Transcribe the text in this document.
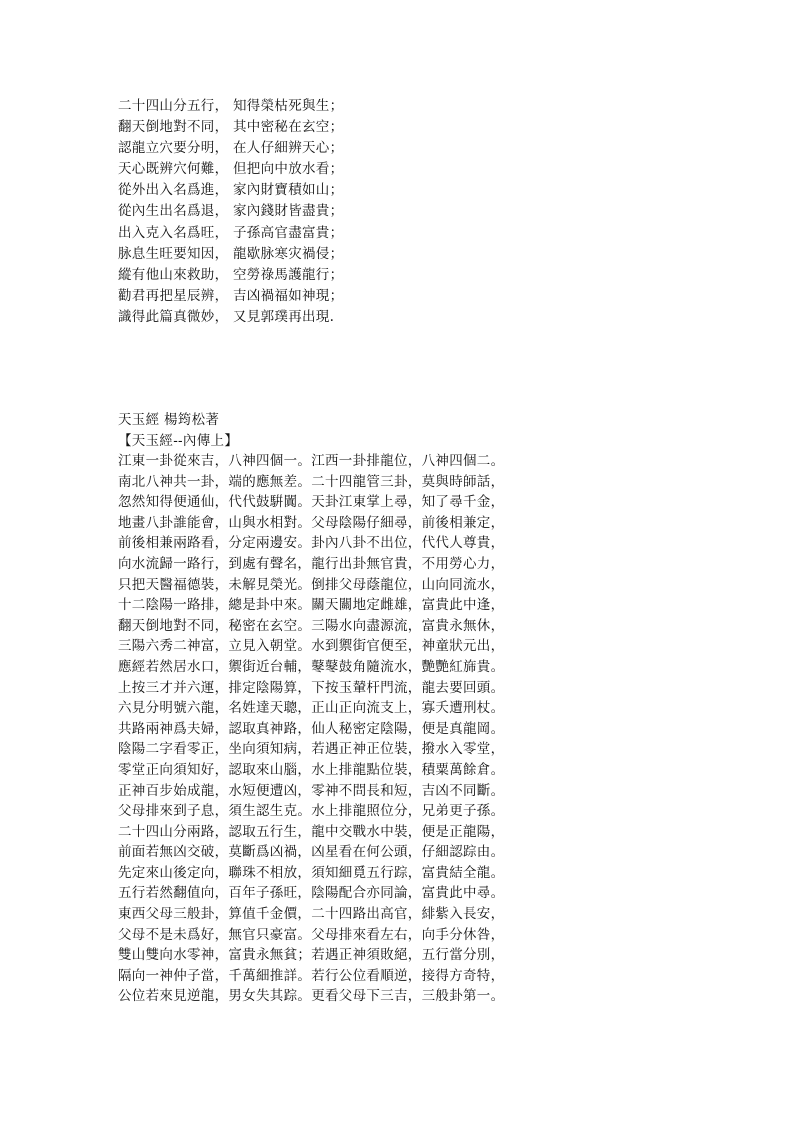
二十四山分五行， 知得榮枯死與生；
翻天倒地對不同， 其中密秘在玄空；
認龍立穴要分明， 在人仔細辨天心；
天心既辨穴何難， 但把向中放水看；
從外出入名爲進， 家內財寶積如山；
從內生出名爲退， 家內錢財皆盡貴；
出入克入名爲旺， 子孫高官盡富貴；
脉息生旺要知因， 龍歇脉寒灾禍侵；
縱有他山來救助， 空勞祿馬護龍行；
勸君再把星辰辨， 吉凶禍福如神現；
識得此篇真微妙， 又見郭璞再出現.
天玉經 楊筠松著
【天玉經--內傳上】
江東一卦從來吉，八神四個一。江西一卦排龍位，八神四個二。
南北八神共一卦，端的應無差。二十四龍管三卦，莫與時師話，
忽然知得便通仙，代代鼓騈闐。天卦江東掌上尋，知了尋千金，
地畫八卦誰能會，山與水相對。父母陰陽仔細尋，前後相兼定，
前後相兼兩路看，分定兩邊安。卦內八卦不出位，代代人尊貴，
向水流歸一路行，到處有聲名，龍行出卦無官貴，不用勞心力，
只把天醫福德裝，未解見榮光。倒排父母蔭龍位，山向同流水，
十二陰陽一路排，總是卦中來。關天關地定雌雄，富貴此中逢，
翻天倒地對不同，秘密在玄空。三陽水向盡源流，富貴永無休，
三陽六秀二神富，立見入朝堂。水到禦街官便至，神童狀元出，
應經若然居水口，禦街近台輔，鼕鼕鼓角隨流水，艷艷紅旆貴。
上按三才并六運，排定陰陽算，下按玉輦杆門流，龍去要回頭。
六見分明號六龍，名姓達天聰，正山正向流支上，寡夭遭刑杖。
共路兩神爲夫婦，認取真神路，仙人秘密定陰陽，便是真龍岡。
陰陽二字看零正，坐向須知病，若遇正神正位裝，撥水入零堂，
零堂正向須知好，認取來山腦，水上排龍點位裝，積粟萬餘倉。
正神百步始成龍，水短便遭凶，零神不問長和短，吉凶不同斷。
父母排來到子息，須生認生克。水上排龍照位分，兄弟更子孫。
二十四山分兩路，認取五行生，龍中交戰水中裝，便是正龍陽，
前面若無凶交破，莫斷爲凶禍，凶星看在何公頭，仔細認踪由。
先定來山後定向，聯珠不相放，須知細覓五行踪，富貴結全龍。
五行若然翻值向，百年子孫旺，陰陽配合亦同論，富貴此中尋。
東西父母三般卦，算值千金價，二十四路出高官，緋紫入長安，
父母不是未爲好，無官只豪富。父母排來看左右，向手分休咎，
雙山雙向水零神，富貴永無貧；若遇正神須敗絕，五行當分別，
隔向一神仲子當，千萬細推詳。若行公位看順逆，接得方奇特，
公位若來見逆龍，男女失其踪。更看父母下三吉，三般卦第一。
